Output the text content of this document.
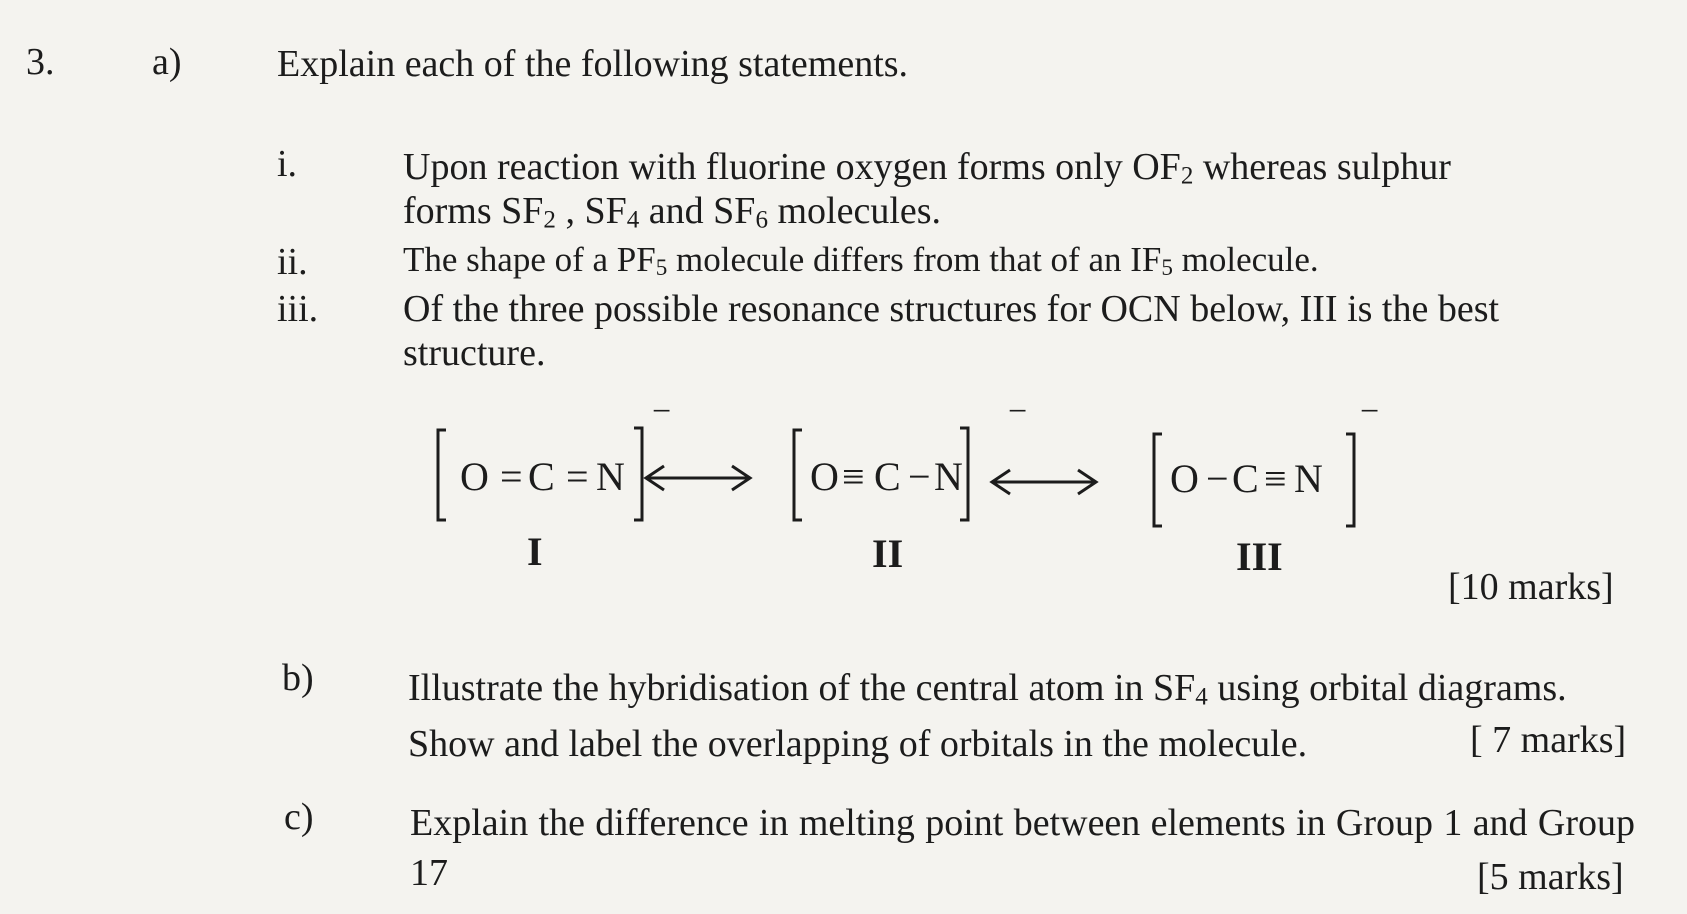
3.	a)	Explain each of the following statements.
i.	Upon reaction with fluorine oxygen forms only OF2 whereas sulphur
forms SF2 , SF4 and SF6 molecules.
ii.	The shape of a PF5 molecule differs from that of an IF5 molecule.
iii. Of the three possible resonance structures for OCN below, III is the best
structure.
O = C = N
−
O ≡ C − N
−
O − C ≡ N
−
I	II	III
[10 marks]
b) Illustrate the hybridisation of the central atom in SF4 using orbital diagrams.
Show and label the overlapping of orbitals in the molecule.	[ 7 marks]
c)	Explain the difference in melting point between elements in Group 1 and Group 17	[5 marks]
